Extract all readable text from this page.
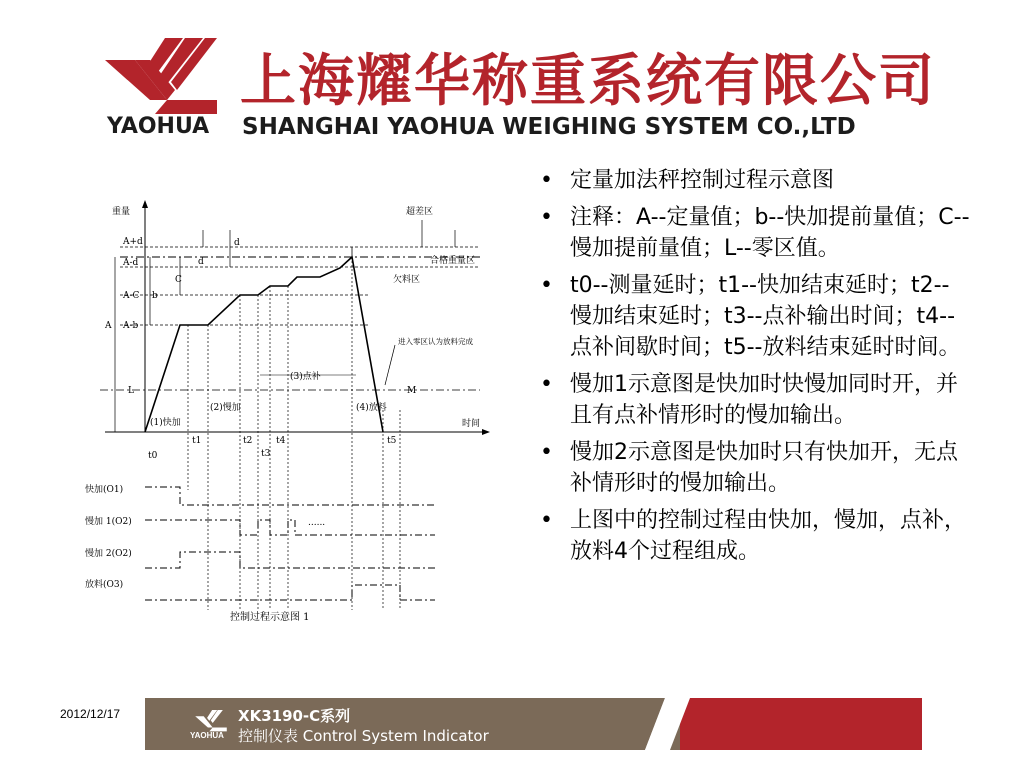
YAOHUA
上海耀华称重系统有限公司
SHANGHAI YAOHUA WEIGHING SYSTEM CO.,LTD
重量
时间
A+d
A-d
A-C
A-b
A
L
C
b
d
d
超差区
合格重量区
欠料区
进入零区认为放料完成
M
(1)快加
(2)慢加
(3)点补
(4)放料
t0
t1	t2
t3
t4	t5
快加(O1)
慢加 1(O2)
慢加 2(O2)
放料(O3)
......
控制过程示意图 1
• 定量加法秤控制过程示意图
• 注释：A--定量值；b--快加提前量值；C--慢加提前量值；L--零区值。
• t0--测量延时；t1--快加结束延时；t2--慢加结束延时；t3--点补输出时间；t4--点补间歇时间；t5--放料结束延时时间。
• 慢加1示意图是快加时快慢加同时开，并且有点补情形时的慢加输出。
• 慢加2示意图是快加时只有快加开，无点补情形时的慢加输出。
• 上图中的控制过程由快加，慢加，点补，放料4个过程组成。
2012/12/17
YAOHUA
XK3190-C系列
控制仪表 Control System Indicator
